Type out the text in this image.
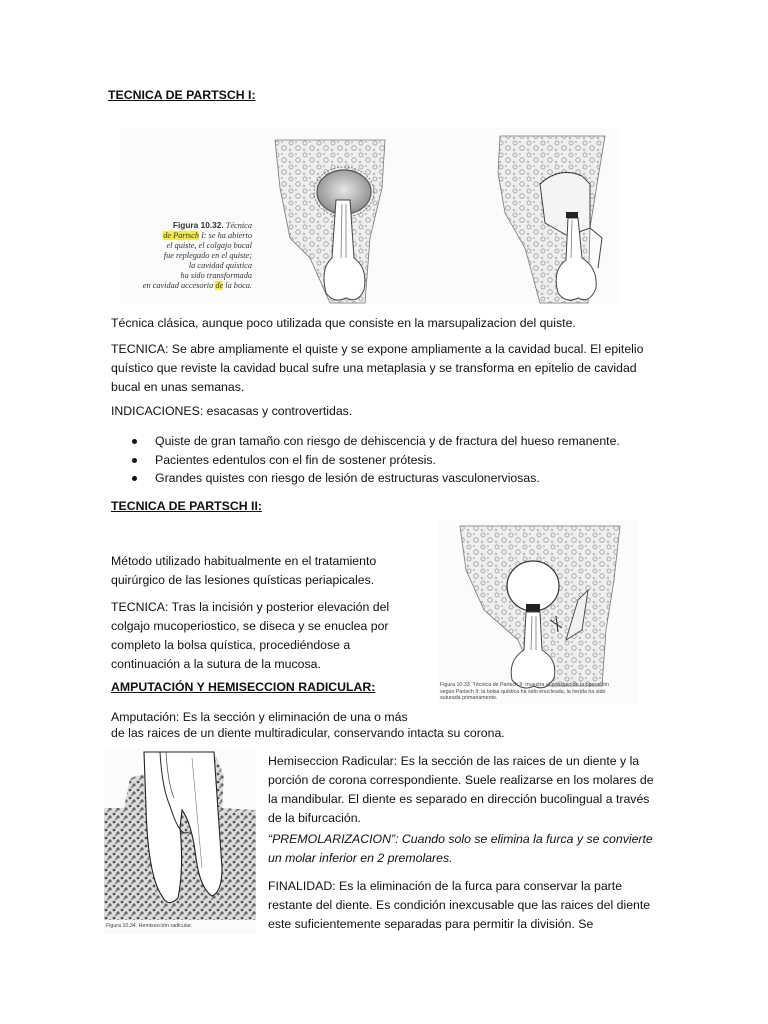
TECNICA DE PARTSCH I:
Figura 10.32. Técnica
de Partsch I: se ha abierto
el quiste, el colgajo bucal
fue replegado en el quiste;
la cavidad quística
ha sido transformada
en cavidad accesoria de la boca.
Técnica clásica, aunque poco utilizada que consiste en la marsupalizacion del quiste.
TECNICA: Se abre ampliamente el quiste y se expone ampliamente a la cavidad bucal. El epitelio quístico que reviste la cavidad bucal sufre una metaplasia y se transforma en epitelio de cavidad bucal en unas semanas.
INDICACIONES: esacasas y controvertidas.
Quiste de gran tamaño con riesgo de dehiscencia y de fractura del hueso remanente.
Pacientes edentulos con el fin de sostener prótesis.
Grandes quistes con riesgo de lesión de estructuras vasculonerviosas.
TECNICA DE PARTSCH II:
Método utilizado habitualmente en el tratamiento quirúrgico de las lesiones quísticas periapicales.
TECNICA: Tras la incisión y posterior elevación del colgajo mucoperiostico, se diseca y se enuclea por completo la bolsa quística, procediéndose a continuación a la sutura de la mucosa.
Figura 10.33. Técnica de Partsch II: muestra el principio de la operación
según Partsch II: la bolsa quística ha sido enucleada, la herida ha sido
suturada primariamente.
AMPUTACIÓN Y HEMISECCION RADICULAR:
Amputación: Es la sección y eliminación de una o más
de las raices de un diente multiradicular, conservando intacta su corona.
Figura 10.34. Hemisección radicular.
Hemiseccion Radicular: Es la sección de las raices de un diente y la porción de corona correspondiente. Suele realizarse en los molares de la mandibular. El diente es separado en dirección bucolingual a través de la bifurcación.
“PREMOLARIZACION”: Cuando solo se elimina la furca y se convierte un molar inferior en 2 premolares.
FINALIDAD: Es la eliminación de la furca para conservar la parte restante del diente. Es condición inexcusable que las raices del diente este suficientemente separadas para permitir la división. Se
